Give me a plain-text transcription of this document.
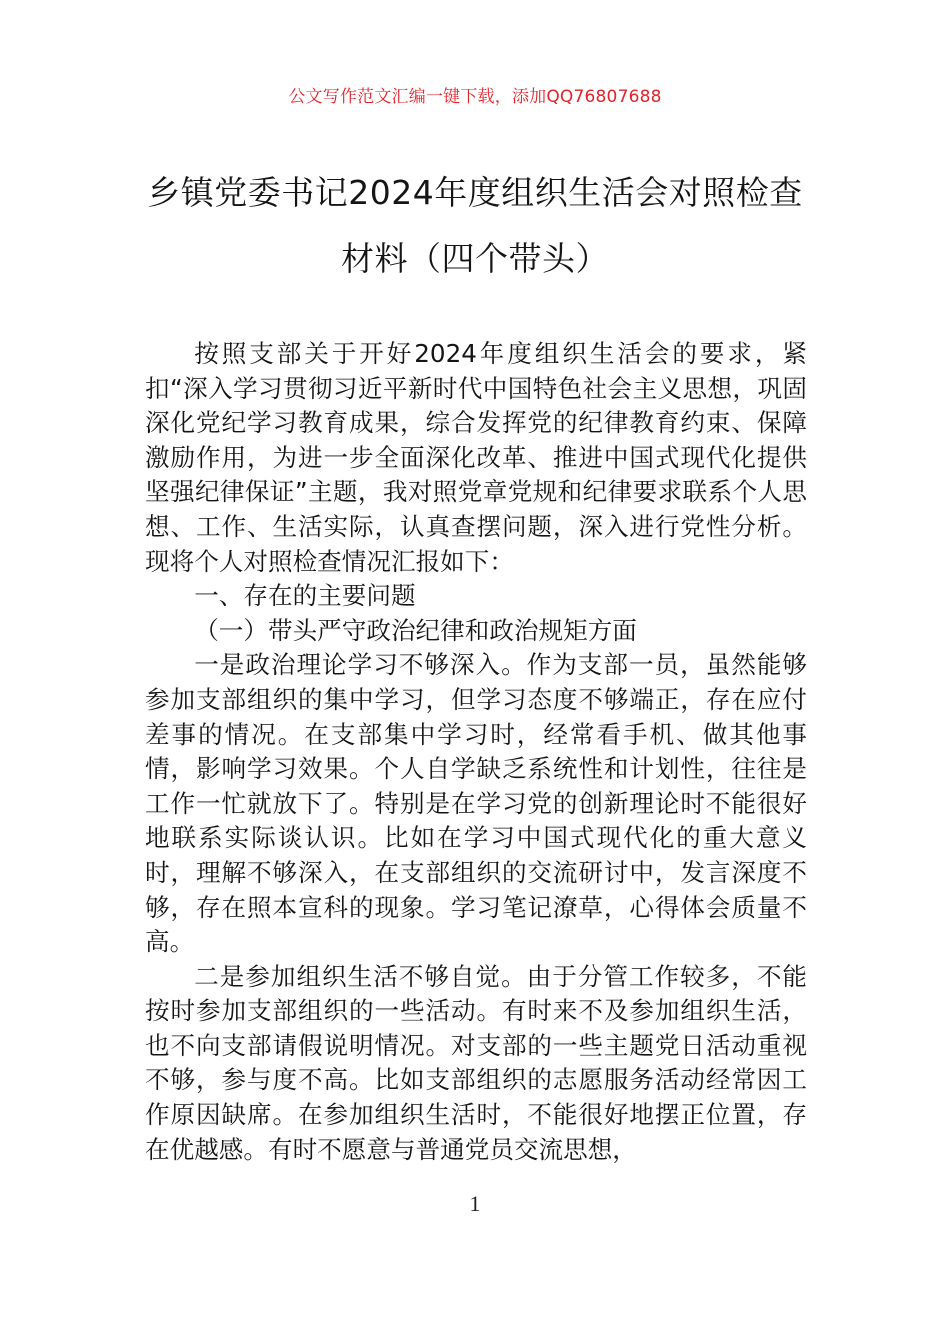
公文写作范文汇编一键下载，添加QQ76807688
乡镇党委书记2024年度组织生活会对照检查材料（四个带头）

按照支部关于开好2024年度组织生活会的要求，紧扣“深入学习贯彻习近平新时代中国特色社会主义思想，巩固深化党纪学习教育成果，综合发挥党的纪律教育约束、保障激励作用，为进一步全面深化改革、推进中国式现代化提供坚强纪律保证”主题，我对照党章党规和纪律要求联系个人思想、工作、生活实际，认真查摆问题，深入进行党性分析。现将个人对照检查情况汇报如下：

一、存在的主要问题

（一）带头严守政治纪律和政治规矩方面

一是政治理论学习不够深入。作为支部一员，虽然能够参加支部组织的集中学习，但学习态度不够端正，存在应付差事的情况。在支部集中学习时，经常看手机、做其他事情，影响学习效果。个人自学缺乏系统性和计划性，往往是工作一忙就放下了。特别是在学习党的创新理论时不能很好地联系实际谈认识。比如在学习中国式现代化的重大意义时，理解不够深入，在支部组织的交流研讨中，发言深度不够，存在照本宣科的现象。学习笔记潦草，心得体会质量不高。

二是参加组织生活不够自觉。由于分管工作较多，不能按时参加支部组织的一些活动。有时来不及参加组织生活，也不向支部请假说明情况。对支部的一些主题党日活动重视不够，参与度不高。比如支部组织的志愿服务活动经常因工作原因缺席。在参加组织生活时，不能很好地摆正位置，存在优越感。有时不愿意与普通党员交流思想，

1
